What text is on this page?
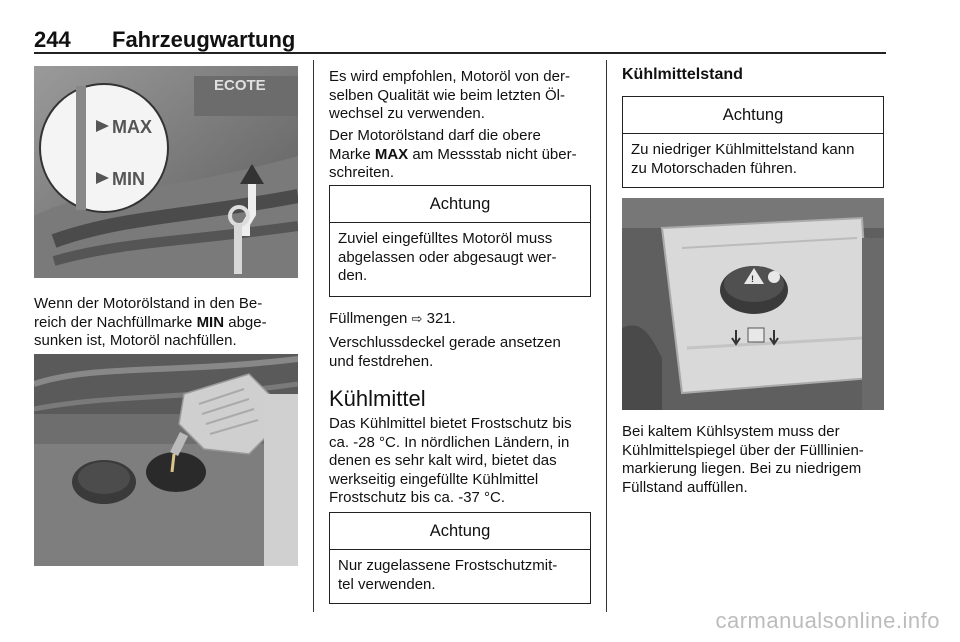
244 Fahrzeugwartung
ECOTE
MAX
MIN

Wenn der Motorölstand in den Be-
reich der Nachfüllmarke MIN abge-
sunken ist, Motoröl nachfüllen.

Es wird empfohlen, Motoröl von der-
selben Qualität wie beim letzten Öl-
wechsel zu verwenden.

Der Motorölstand darf die obere
Marke MAX am Messstab nicht über-
schreiten.

Achtung
Zuviel eingefülltes Motoröl muss
abgelassen oder abgesaugt wer-
den.

Füllmengen ⇨ 321.

Verschlussdeckel gerade ansetzen
und festdrehen.

Kühlmittel

Das Kühlmittel bietet Frostschutz bis
ca. -28 °C. In nördlichen Ländern, in
denen es sehr kalt wird, bietet das
werkseitig eingefüllte Kühlmittel
Frostschutz bis ca. -37 °C.

Achtung
Nur zugelassene Frostschutzmit-
tel verwenden.
Kühlmittelstand
Achtung
Zu niedriger Kühlmittelstand kann
zu Motorschaden führen.
!

Bei kaltem Kühlsystem muss der
Kühlmittelspiegel über der Fülllinien-
markierung liegen. Bei zu niedrigem
Füllstand auffüllen.

carmanualsonline.info
